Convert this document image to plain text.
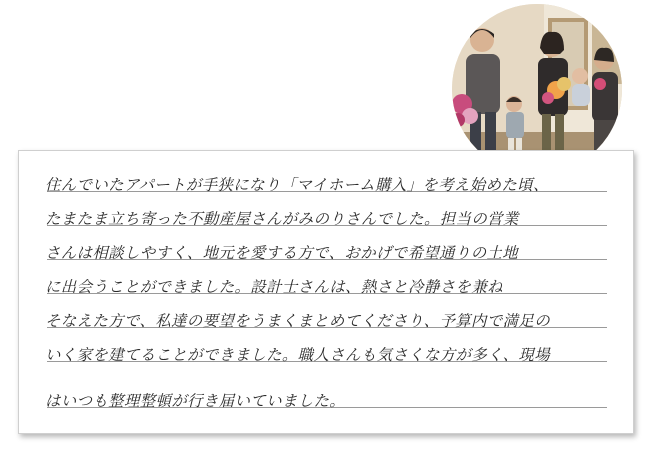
住んでいたアパートが手狭になり「マイホーム購入」を考え始めた頃、
たまたま立ち寄った不動産屋さんがみのりさんでした。担当の営業
さんは相談しやすく、地元を愛する方で、おかげで希望通りの土地
に出会うことができました。設計士さんは、熱さと冷静さを兼ね
そなえた方で、私達の要望をうまくまとめてくださり、予算内で満足の
いく家を建てることができました。職人さんも気さくな方が多く、現場
はいつも整理整頓が行き届いていました。
